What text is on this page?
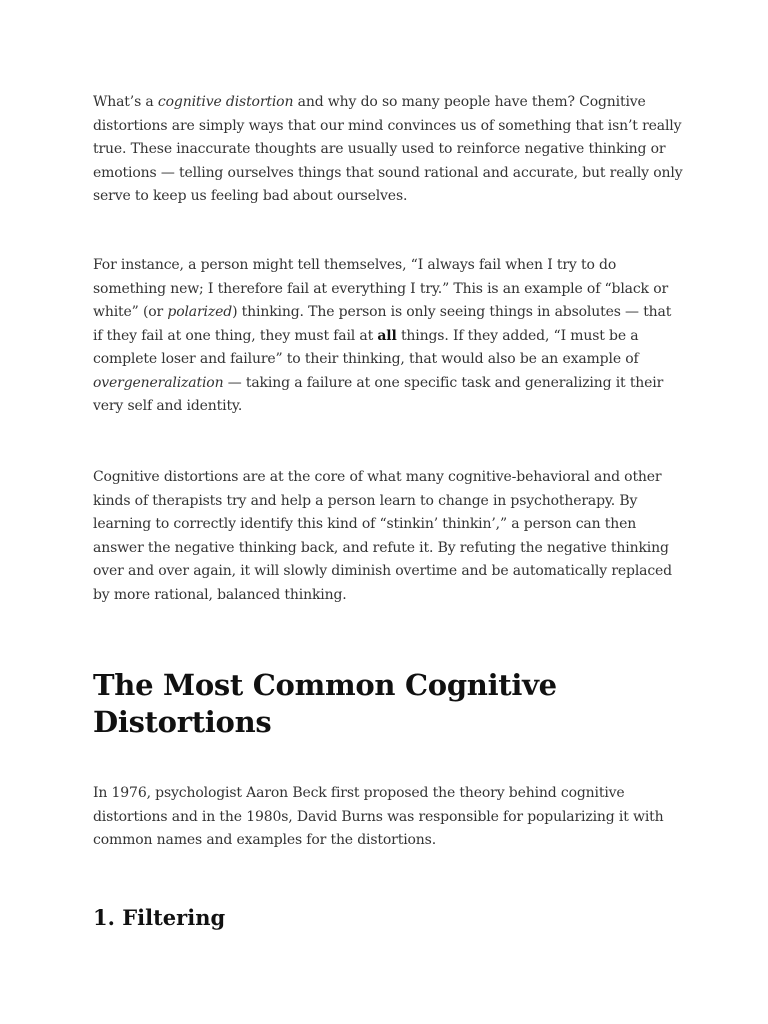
What’s a cognitive distortion and why do so many people have them? Cognitive distortions are simply ways that our mind convinces us of something that isn’t really true. These inaccurate thoughts are usually used to reinforce negative thinking or emotions — telling ourselves things that sound rational and accurate, but really only serve to keep us feeling bad about ourselves.

For instance, a person might tell themselves, “I always fail when I try to do something new; I therefore fail at everything I try.” This is an example of “black or white” (or polarized) thinking. The person is only seeing things in absolutes — that if they fail at one thing, they must fail at all things. If they added, “I must be a complete loser and failure” to their thinking, that would also be an example of overgeneralization — taking a failure at one specific task and generalizing it their very self and identity.

Cognitive distortions are at the core of what many cognitive-behavioral and other kinds of therapists try and help a person learn to change in psychotherapy. By learning to correctly identify this kind of “stinkin’ thinkin’,” a person can then answer the negative thinking back, and refute it. By refuting the negative thinking over and over again, it will slowly diminish overtime and be automatically replaced by more rational, balanced thinking.

The Most Common Cognitive Distortions

In 1976, psychologist Aaron Beck first proposed the theory behind cognitive distortions and in the 1980s, David Burns was responsible for popularizing it with common names and examples for the distortions.

1. Filtering
